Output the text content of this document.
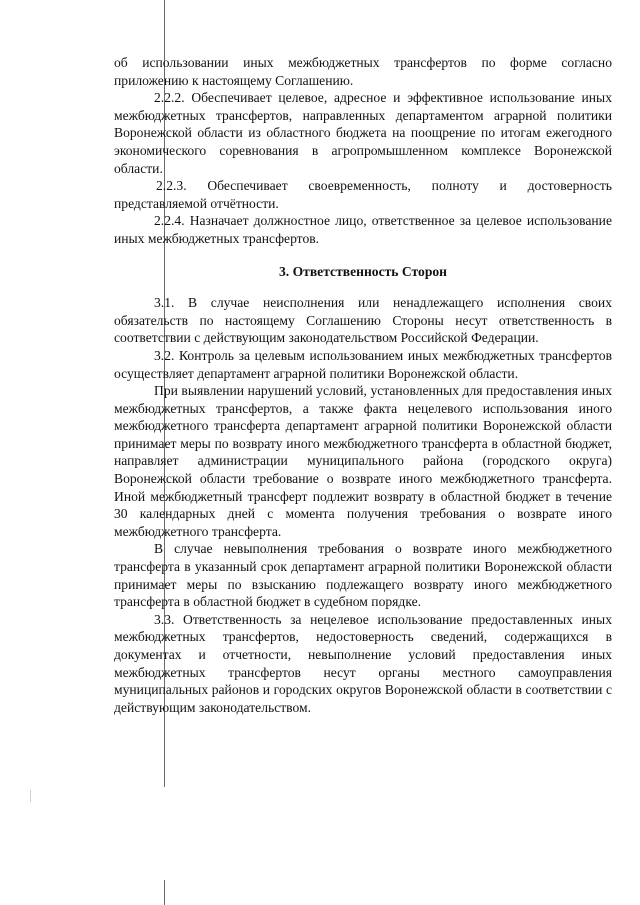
об использовании иных межбюджетных трансфертов по форме согласно приложению к настоящему Соглашению.

2.2.2. Обеспечивает целевое, адресное и эффективное использование иных межбюджетных трансфертов, направленных департаментом аграрной политики Воронежской области из областного бюджета на поощрение по итогам ежегодного экономического соревнования в агропромышленном комплексе Воронежской области.

2.2.3. Обеспечивает своевременность, полноту и достоверность представляемой отчётности.

2.2.4. Назначает должностное лицо, ответственное за целевое использование иных межбюджетных трансфертов.

3. Ответственность Сторон

3.1. В случае неисполнения или ненадлежащего исполнения своих обязательств по настоящему Соглашению Стороны несут ответственность в соответствии с действующим законодательством Российской Федерации.

3.2. Контроль за целевым использованием иных межбюджетных трансфертов осуществляет департамент аграрной политики Воронежской области.

При выявлении нарушений условий, установленных для предоставления иных межбюджетных трансфертов, а также факта нецелевого использования иного межбюджетного трансферта департамент аграрной политики Воронежской области принимает меры по возврату иного межбюджетного трансферта в областной бюджет, направляет администрации муниципального района (городского округа) Воронежской области требование о возврате иного межбюджетного трансферта. Иной межбюджетный трансферт подлежит возврату в областной бюджет в течение 30 календарных дней с момента получения требования о возврате иного межбюджетного трансферта.

В случае невыполнения требования о возврате иного межбюджетного трансферта в указанный срок департамент аграрной политики Воронежской области принимает меры по взысканию подлежащего возврату иного межбюджетного трансферта в областной бюджет в судебном порядке.

3.3. Ответственность за нецелевое использование предоставленных иных межбюджетных трансфертов, недостоверность сведений, содержащихся в документах и отчетности, невыполнение условий предоставления иных межбюджетных трансфертов несут органы местного самоуправления муниципальных районов и городских округов Воронежской области в соответствии с действующим законодательством.
